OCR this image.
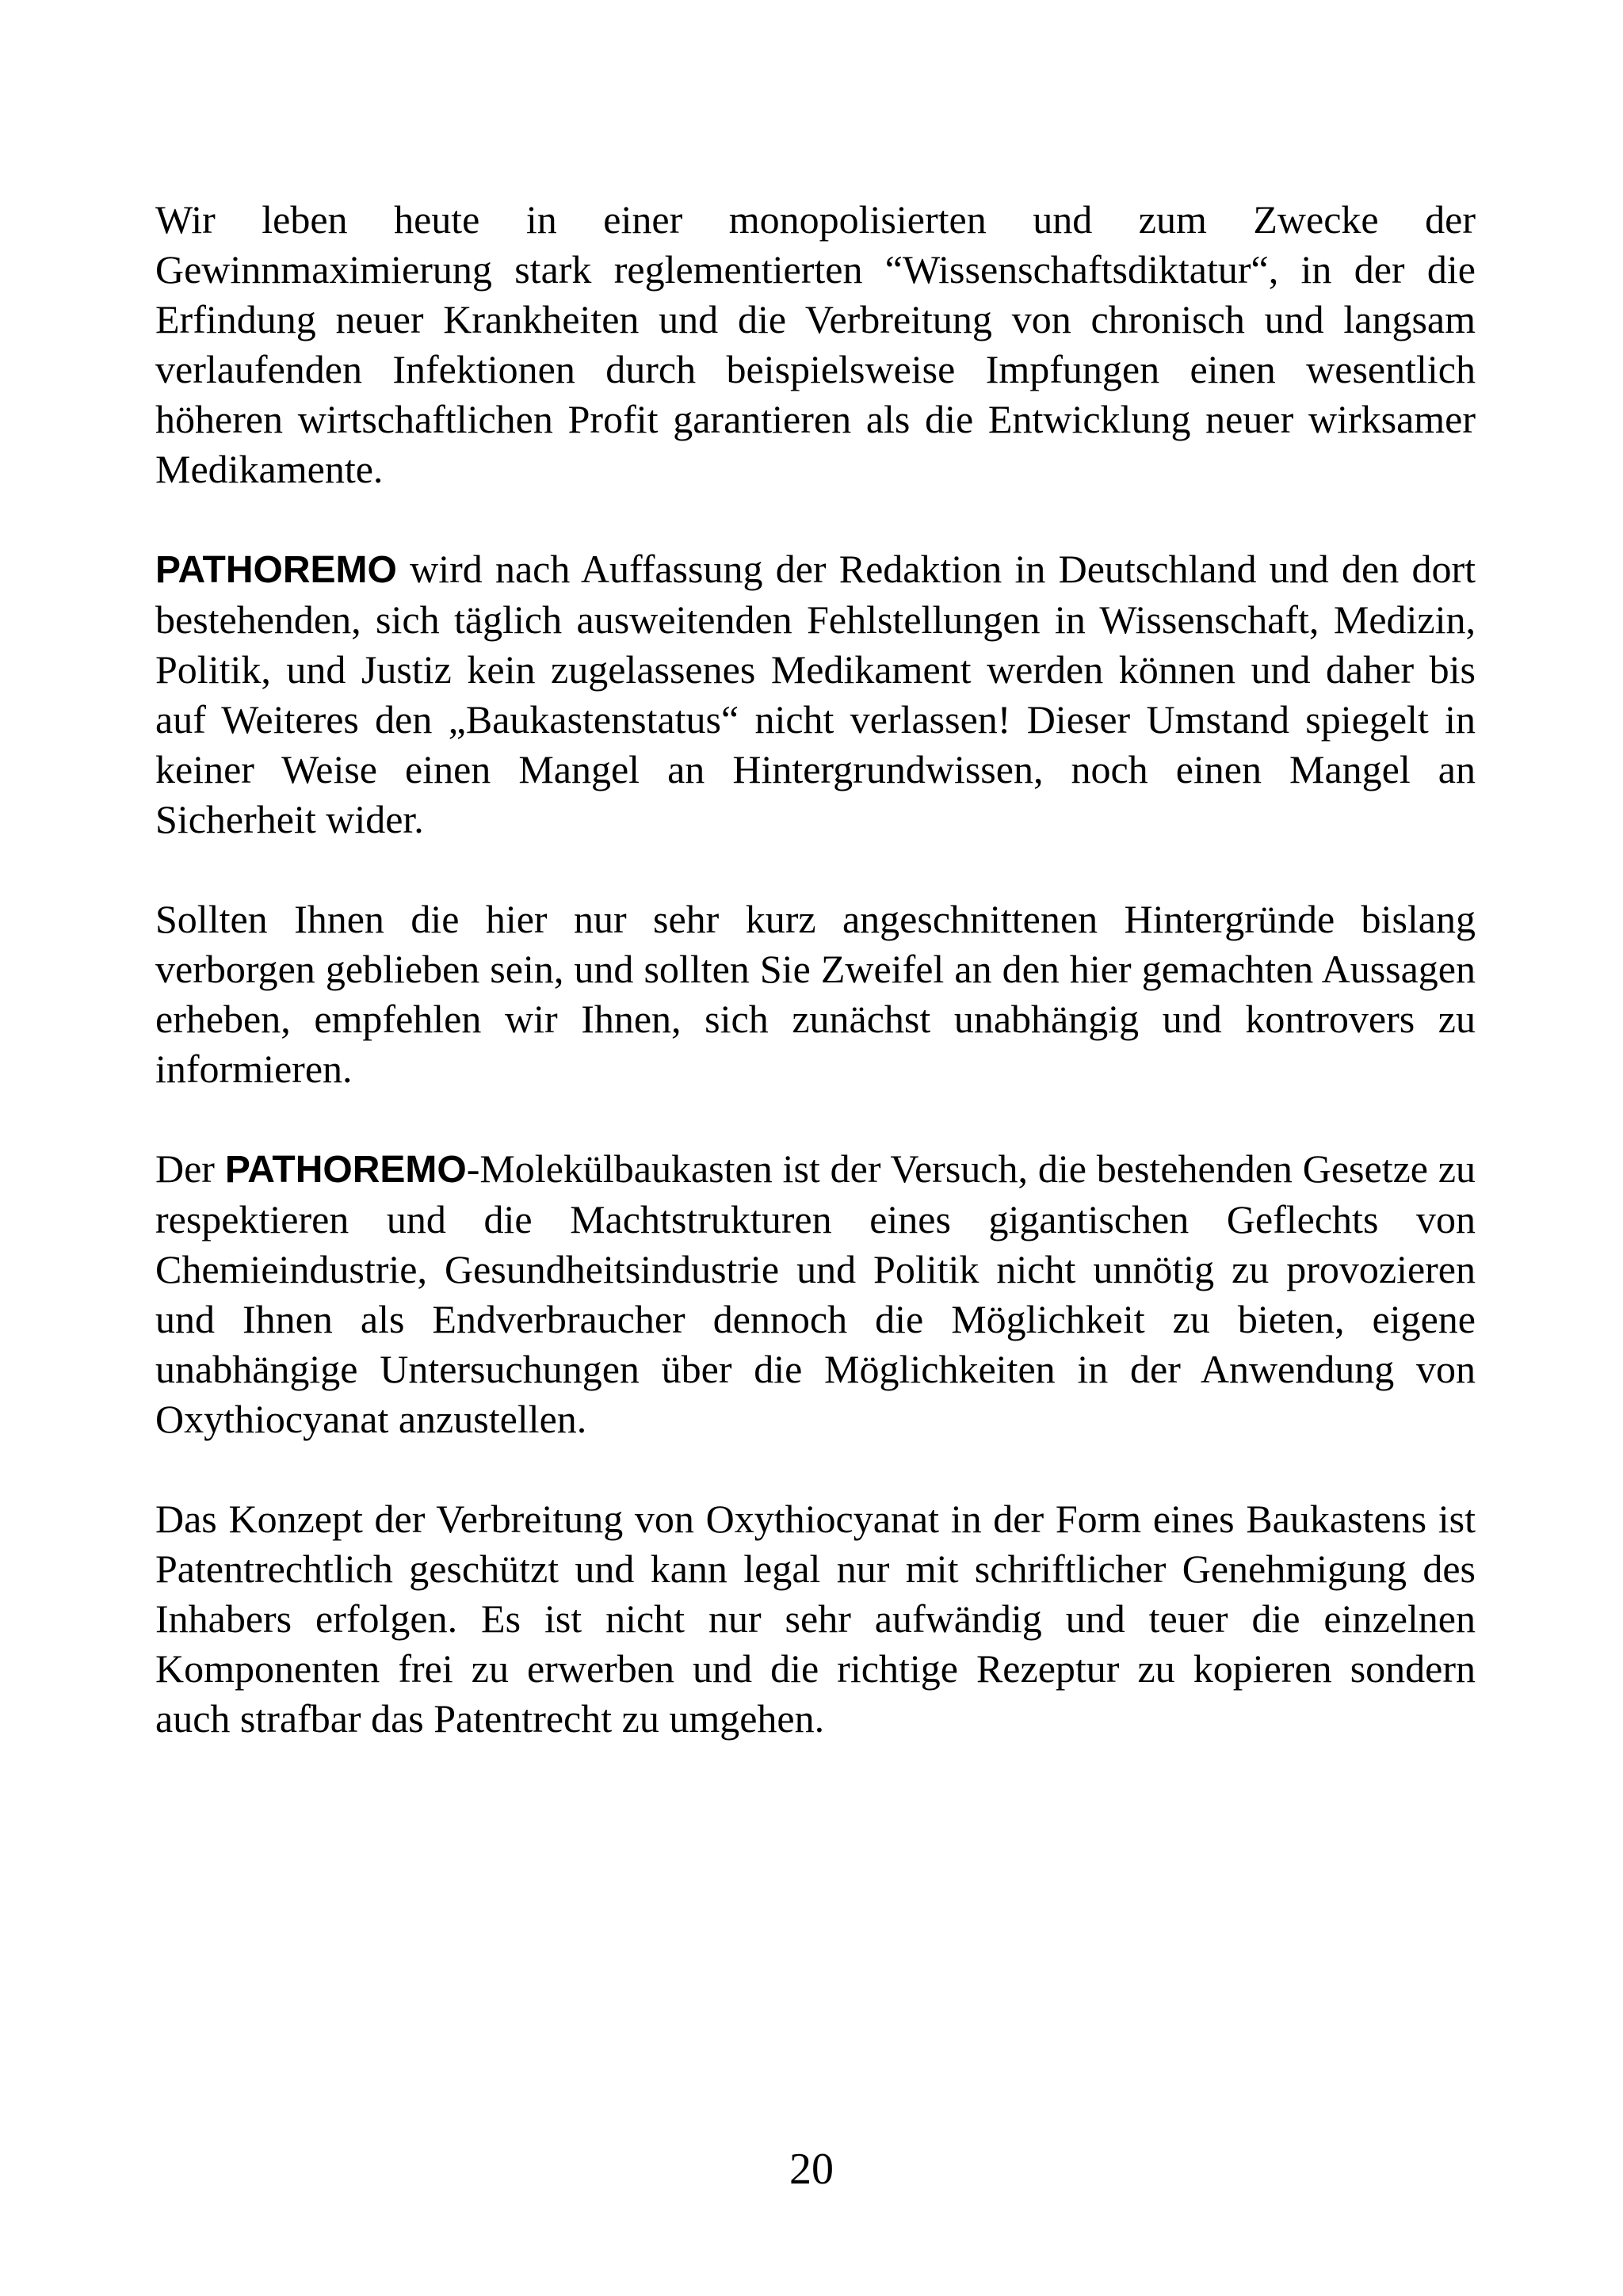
Wir leben heute in einer monopolisierten und zum Zwecke der Gewinnmaximierung stark reglementierten “Wissenschaftsdiktatur“, in der die Erfindung neuer Krankheiten und die Verbreitung von chronisch und langsam verlaufenden Infektionen durch beispielsweise Impfungen einen wesentlich höheren wirtschaftlichen Profit garantieren als die Entwicklung neuer wirksamer Medikamente.

PATHOREMO wird nach Auffassung der Redaktion in Deutschland und den dort bestehenden, sich täglich ausweitenden Fehlstellungen in Wissenschaft, Medizin, Politik, und Justiz kein zugelassenes Medikament werden können und daher bis auf Weiteres den „Baukastenstatus“ nicht verlassen! Dieser Umstand spiegelt in keiner Weise einen Mangel an Hintergrundwissen, noch einen Mangel an Sicherheit wider.

Sollten Ihnen die hier nur sehr kurz angeschnittenen Hintergründe bislang verborgen geblieben sein, und sollten Sie Zweifel an den hier gemachten Aussagen erheben, empfehlen wir Ihnen, sich zunächst unabhängig und kontrovers zu informieren.

Der PATHOREMO-Molekülbaukasten ist der Versuch, die bestehenden Gesetze zu respektieren und die Machtstrukturen eines gigantischen Geflechts von Chemieindustrie, Gesundheitsindustrie und Politik nicht unnötig zu provozieren und Ihnen als Endverbraucher dennoch die Möglichkeit zu bieten, eigene unabhängige Untersuchungen über die Möglichkeiten in der Anwendung von Oxythiocyanat anzustellen.

Das Konzept der Verbreitung von Oxythiocyanat in der Form eines Baukastens ist Patentrechtlich geschützt und kann legal nur mit schriftlicher Genehmigung des Inhabers erfolgen. Es ist nicht nur sehr aufwändig und teuer die einzelnen Komponenten frei zu erwerben und die richtige Rezeptur zu kopieren sondern auch strafbar das Patentrecht zu umgehen.

20
